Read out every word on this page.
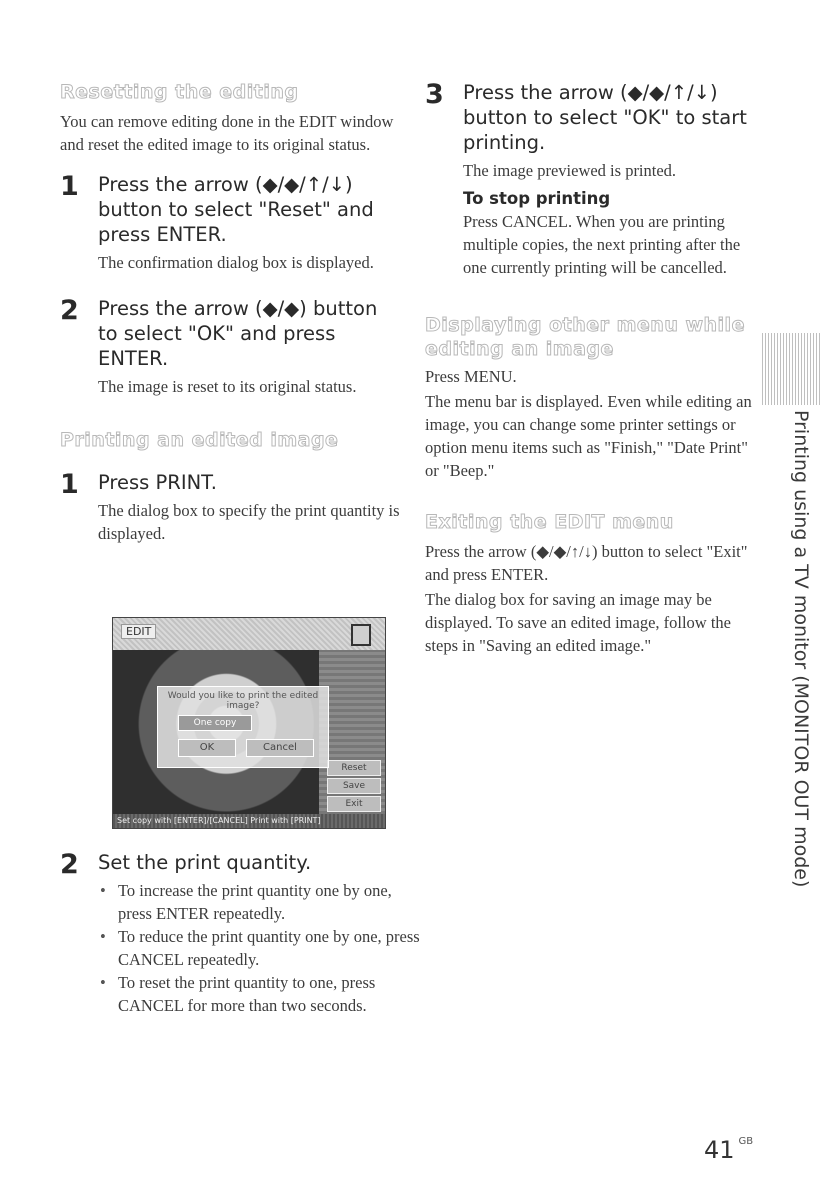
Resetting the editing

You can remove editing done in the EDIT window and reset the edited image to its original status.

1 Press the arrow (◆/◆/↑/↓) button to select "Reset" and press ENTER.

The confirmation dialog box is displayed.

2 Press the arrow (◆/◆) button to select "OK" and press ENTER.

The image is reset to its original status.

Printing an edited image
1 Press PRINT.

The dialog box to specify the print quantity is displayed.

EDIT
Reset
Save
Exit
Would you like to print the edited image?
One copy
OK	Cancel
Set copy with [ENTER]/[CANCEL] Print with [PRINT]
2 Set the print quantity.

• To increase the print quantity one by one, press ENTER repeatedly.
• To reduce the print quantity one by one, press CANCEL repeatedly.
• To reset the print quantity to one, press CANCEL for more than two seconds.
3 Press the arrow (◆/◆/↑/↓) button to select "OK" to start printing.

The image previewed is printed.

To stop printing

Press CANCEL. When you are printing multiple copies, the next printing after the one currently printing will be cancelled.

Displaying other menu while editing an image

Press MENU.

The menu bar is displayed. Even while editing an image, you can change some printer settings or option menu items such as "Finish," "Date Print" or "Beep."

Exiting the EDIT menu

Press the arrow (◆/◆/↑/↓) button to select "Exit" and press ENTER.

The dialog box for saving an image may be displayed. To save an edited image, follow the steps in "Saving an edited image."	Printing using a TV monitor (MONITOR OUT mode)
41 $^{GB}$
